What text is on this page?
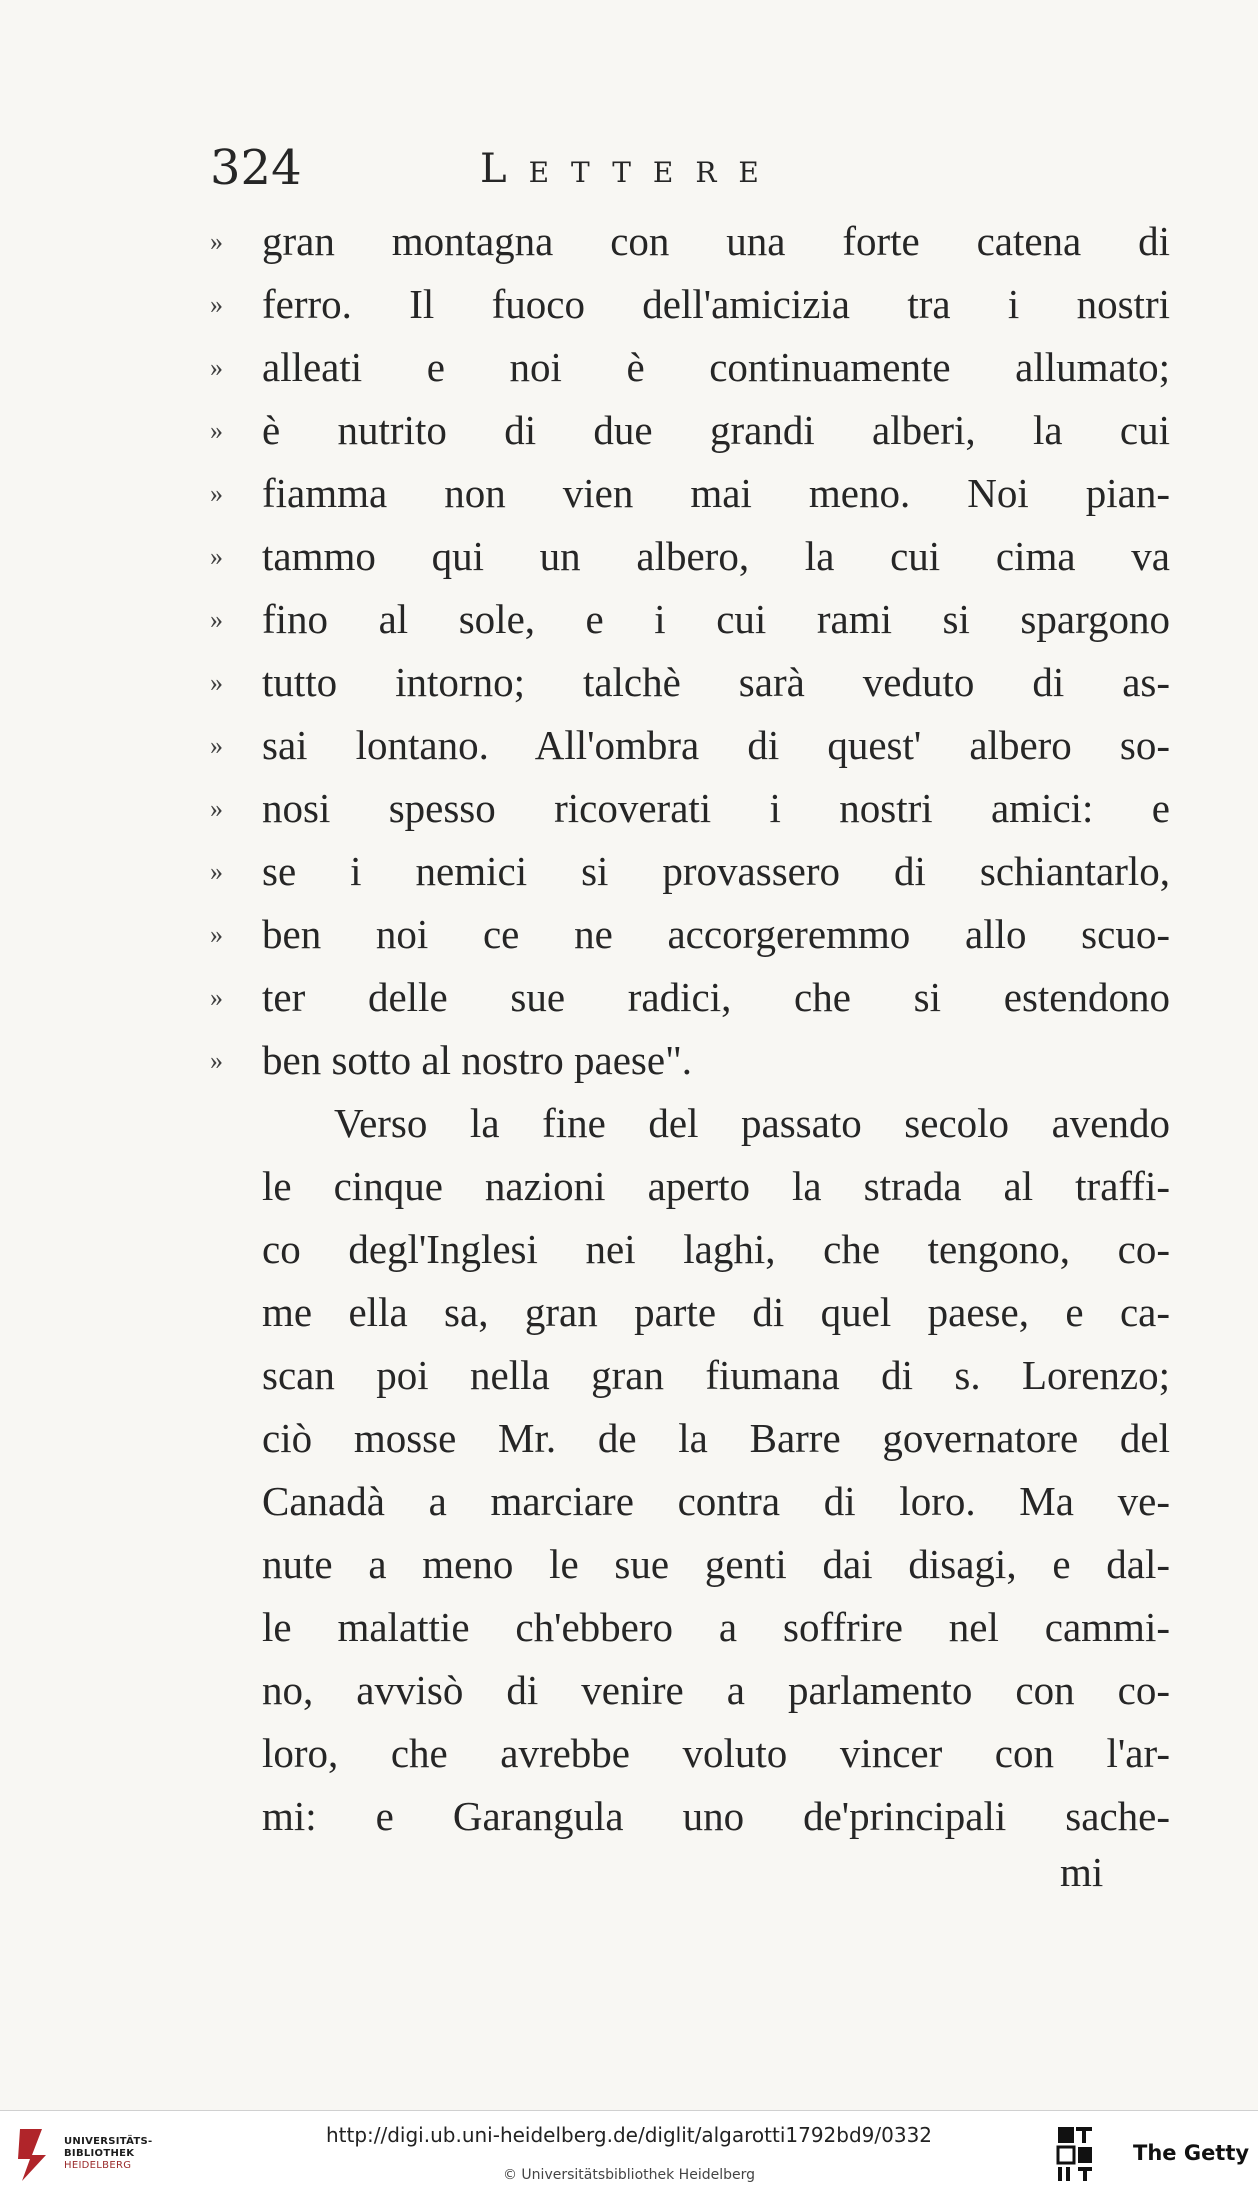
324	Lettere
» gran montagna con una forte catena di
» ferro. Il fuoco dell'amicizia tra i nostri
» alleati e noi è continuamente allumato;
» è nutrito di due grandi alberi, la cui
» fiamma non vien mai meno. Noi pian-
» tammo qui un albero, la cui cima va
» fino al sole, e i cui rami si spargono
» tutto intorno; talchè sarà veduto di as-
» sai lontano. All'ombra di quest' albero so-
» nosi spesso ricoverati i nostri amici: e
» se i nemici si provassero di schiantarlo,
» ben noi ce ne accorgeremmo allo scuo-
» ter delle sue radici, che si estendono
» ben sotto al nostro paese".
Verso la fine del passato secolo avendo
le cinque nazioni aperto la strada al traffi-
co degl'Inglesi nei laghi, che tengono, co-
me ella sa, gran parte di quel paese, e ca-
scan poi nella gran fiumana di s. Lorenzo;
ciò mosse Mr. de la Barre governatore del
Canadà a marciare contra di loro. Ma ve-
nute a meno le sue genti dai disagi, e dal-
le malattie ch'ebbero a soffrire nel cammi-
no, avvisò di venire a parlamento con co-
loro, che avrebbe voluto vincer con l'ar-
mi: e Garangula uno de'principali sache-
mi
UNIVERSITÄTS-
BIBLIOTHEK
HEIDELBERG
http://digi.ub.uni-heidelberg.de/diglit/algarotti1792bd9/0332
© Universitätsbibliothek Heidelberg
The Getty
